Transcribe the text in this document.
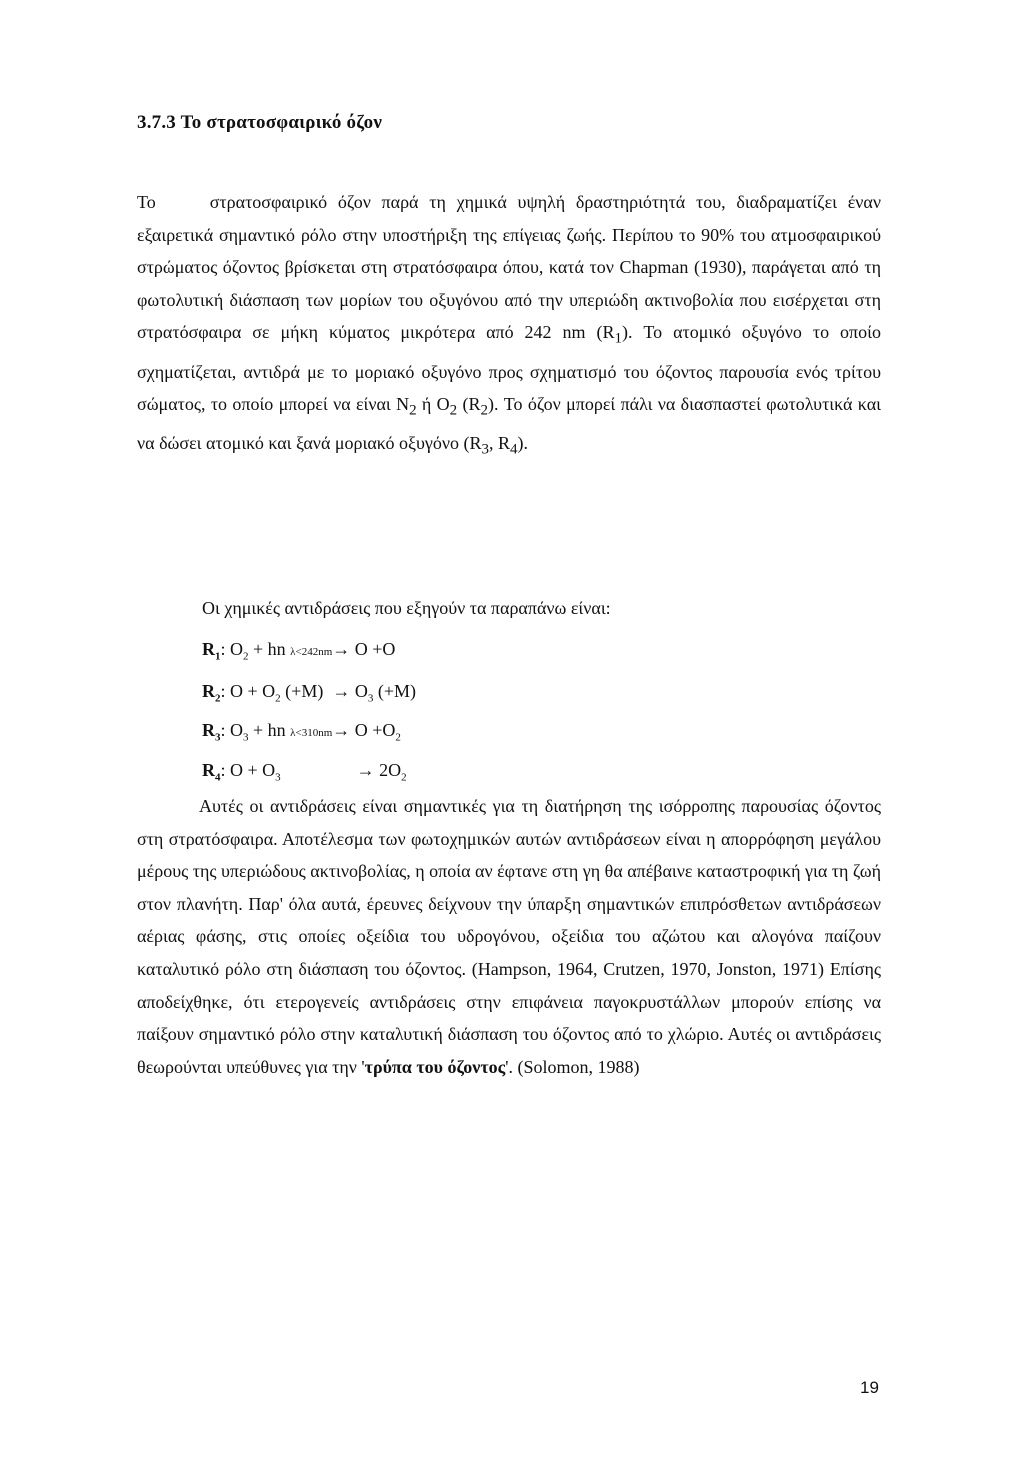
3.7.3 Το στρατοσφαιρικό όζον
Το στρατοσφαιρικό όζον παρά τη χημικά υψηλή δραστηριότητά του, διαδραματίζει έναν εξαιρετικά σημαντικό ρόλο στην υποστήριξη της επίγειας ζωής. Περίπου το 90% του ατμοσφαιρικού στρώματος όζοντος βρίσκεται στη στρατόσφαιρα όπου, κατά τον Chapman (1930), παράγεται από τη φωτολυτική διάσπαση των μορίων του οξυγόνου από την υπεριώδη ακτινοβολία που εισέρχεται στη στρατόσφαιρα σε μήκη κύματος μικρότερα από 242 nm $(R_1)$. Το ατομικό οξυγόνο το οποίο σχηματίζεται, αντιδρά με το μοριακό οξυγόνο προς σχηματισμό του όζοντος παρουσία ενός τρίτου σώματος, το οποίο μπορεί να είναι $N_2$ ή $O_2$ $(R_2)$. Το όζον μπορεί πάλι να διασπαστεί φωτολυτικά και να δώσει ατομικό και ξανά μοριακό οξυγόνο ($R_3$, $R_4$).
Οι χημικές αντιδράσεις που εξηγούν τα παραπάνω είναι:
$R_1$: $O_2$ + hn λ<242nm→ O +O
$R_2$: $O + O_2$ $(+M) \to O_3$ (+M)
$R_3$: $O_3$ + hn $\lambda<310nm\to O +O_2$
$R_4$: $O + O_3$	→ $2O_2$
Αυτές οι αντιδράσεις είναι σημαντικές για τη διατήρηση της ισόρροπης παρουσίας όζοντος στη στρατόσφαιρα. Αποτέλεσμα των φωτοχημικών αυτών αντιδράσεων είναι η απορρόφηση μεγάλου μέρους της υπεριώδους ακτινοβολίας, η οποία αν έφτανε στη γη θα απέβαινε καταστροφική για τη ζωή στον πλανήτη. Παρ' όλα αυτά, έρευνες δείχνουν την ύπαρξη σημαντικών επιπρόσθετων αντιδράσεων αέριας φάσης, στις οποίες οξείδια του υδρογόνου, οξείδια του αζώτου και αλογόνα παίζουν καταλυτικό ρόλο στη διάσπαση του όζοντος. (Hampson, 1964, Crutzen, 1970, Jonston, 1971) Επίσης αποδείχθηκε, ότι ετερογενείς αντιδράσεις στην επιφάνεια παγοκρυστάλλων μπορούν επίσης να παίξουν σημαντικό ρόλο στην καταλυτική διάσπαση του όζοντος από το χλώριο. Αυτές οι αντιδράσεις θεωρούνται υπεύθυνες για την 'τρύπα του όζοντος'. (Solomon, 1988)
19
